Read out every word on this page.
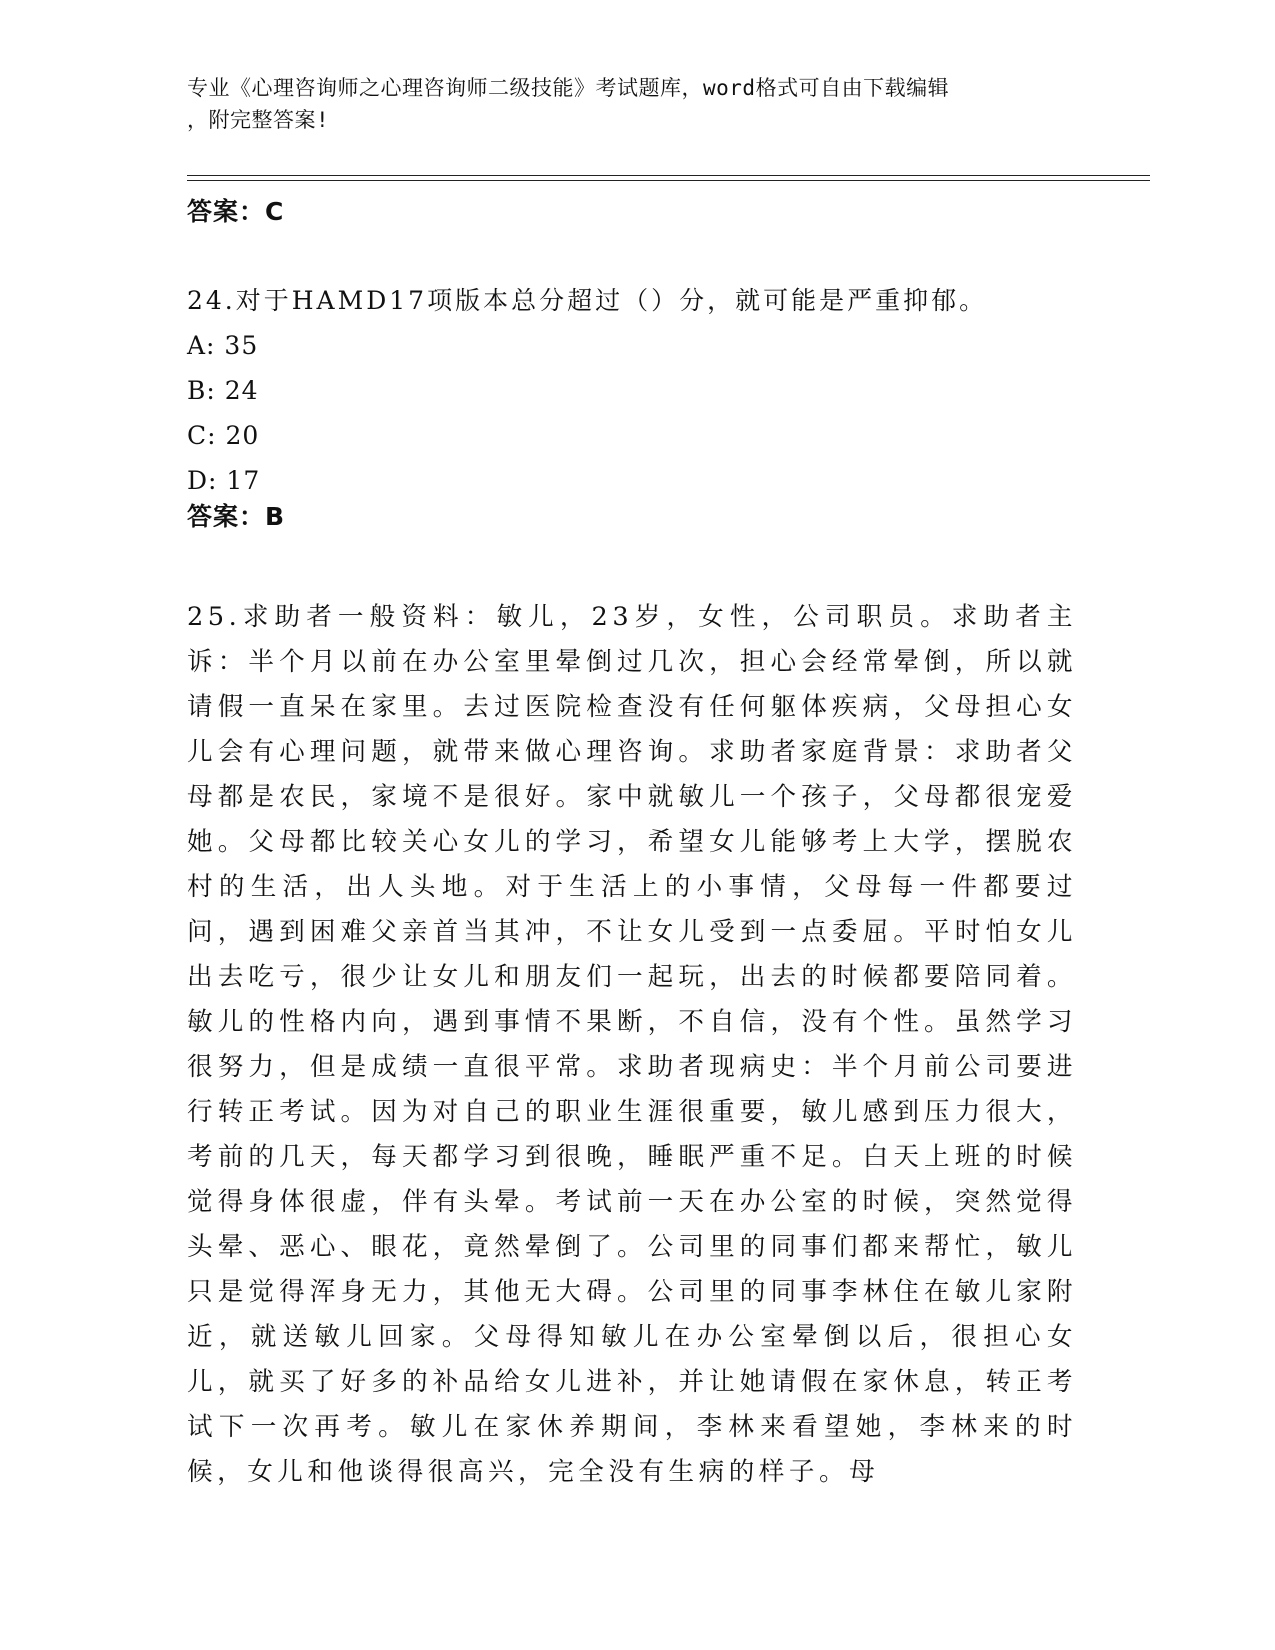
专业《心理咨询师之心理咨询师二级技能》考试题库，word格式可自由下载编辑
，附完整答案!
答案：C
24.对于HAMD17项版本总分超过（）分，就可能是严重抑郁。
A: 35
B: 24
C: 20
D: 17
答案：B
25.求助者一般资料：敏儿，23岁，女性，公司职员。求助者主诉：半个月以前在办公室里晕倒过几次，担心会经常晕倒，所以就请假一直呆在家里。去过医院检查没有任何躯体疾病，父母担心女儿会有心理问题，就带来做心理咨询。求助者家庭背景：求助者父母都是农民，家境不是很好。家中就敏儿一个孩子，父母都很宠爱她。父母都比较关心女儿的学习，希望女儿能够考上大学，摆脱农村的生活，出人头地。对于生活上的小事情，父母每一件都要过问，遇到困难父亲首当其冲，不让女儿受到一点委屈。平时怕女儿出去吃亏，很少让女儿和朋友们一起玩，出去的时候都要陪同着。敏儿的性格内向，遇到事情不果断，不自信，没有个性。虽然学习很努力，但是成绩一直很平常。求助者现病史：半个月前公司要进行转正考试。因为对自己的职业生涯很重要，敏儿感到压力很大，考前的几天，每天都学习到很晚，睡眠严重不足。白天上班的时候觉得身体很虚，伴有头晕。考试前一天在办公室的时候，突然觉得头晕、恶心、眼花，竟然晕倒了。公司里的同事们都来帮忙，敏儿只是觉得浑身无力，其他无大碍。公司里的同事李林住在敏儿家附近，就送敏儿回家。父母得知敏儿在办公室晕倒以后，很担心女儿，就买了好多的补品给女儿进补，并让她请假在家休息，转正考试下一次再考。敏儿在家休养期间，李林来看望她，李林来的时候，女儿和他谈得很高兴，完全没有生病的样子。母
